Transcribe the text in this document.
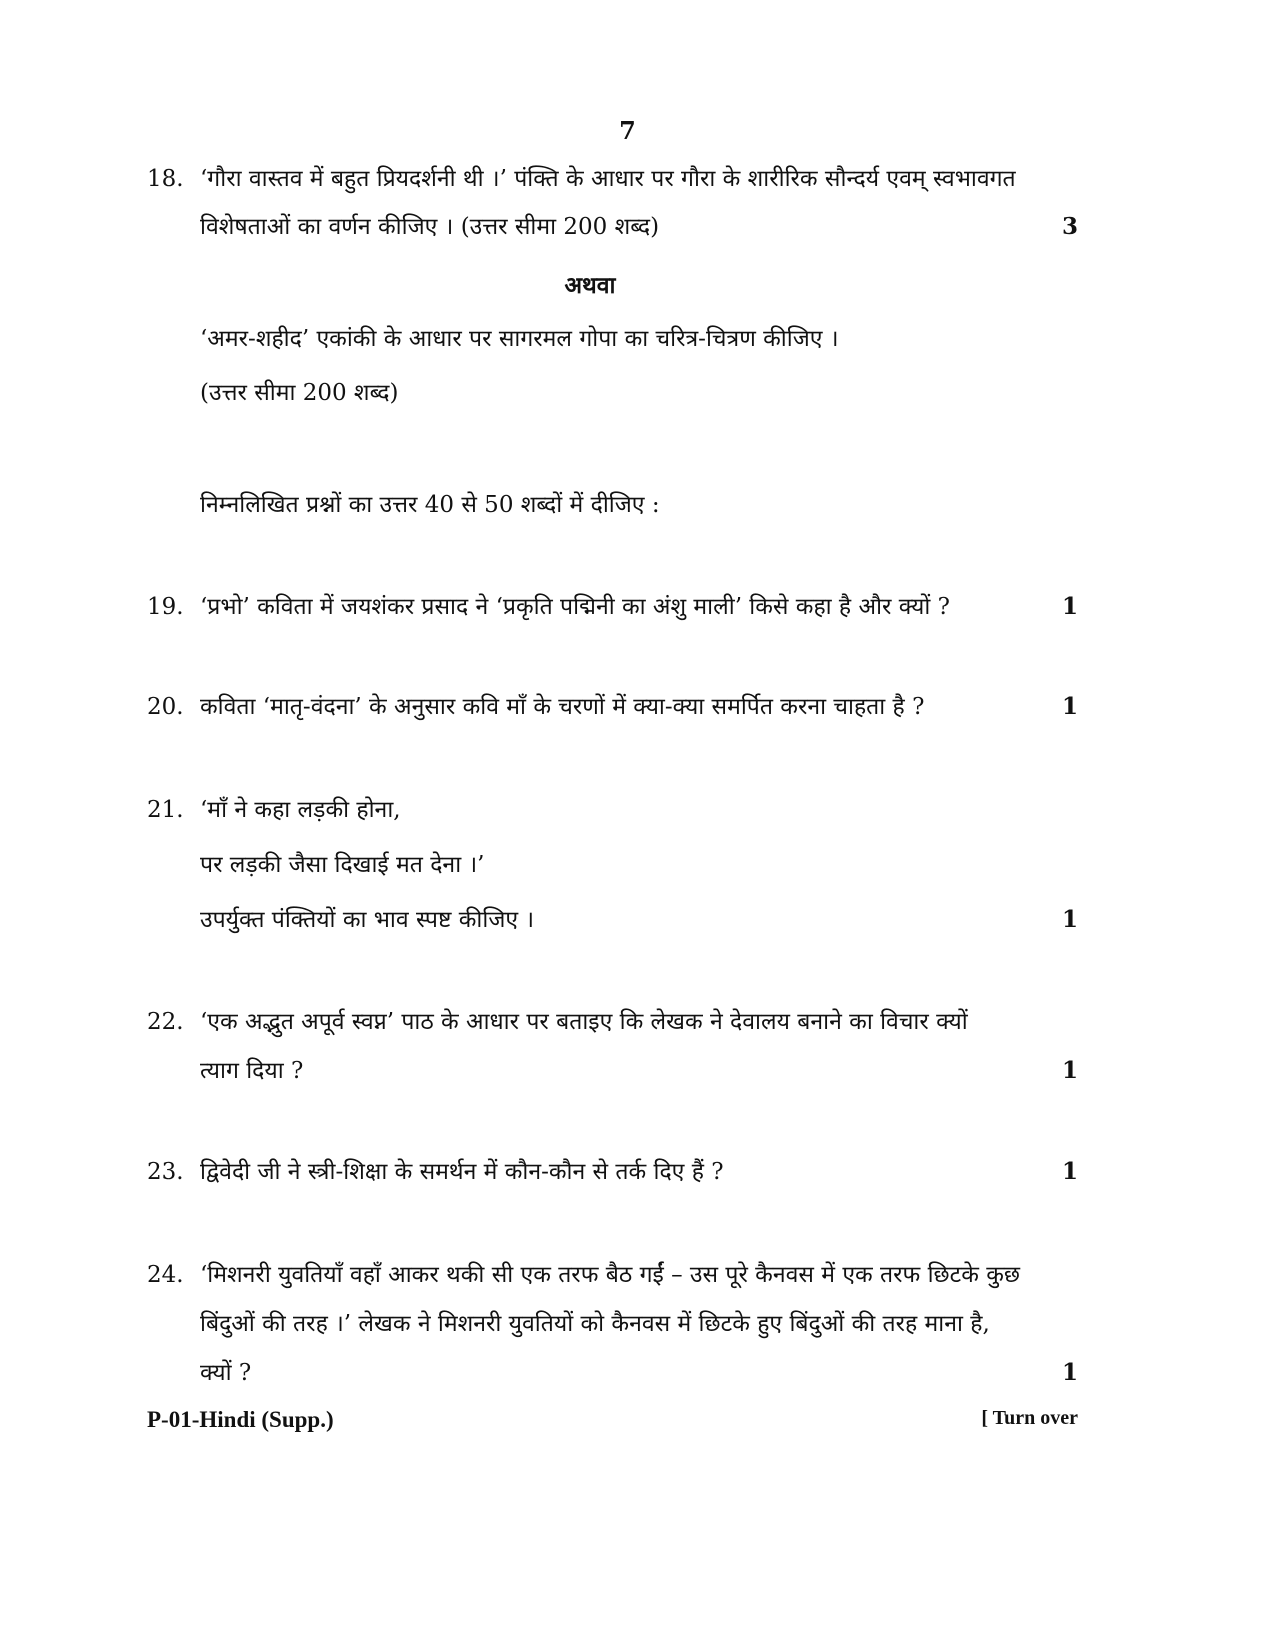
7
18. ‘गौरा वास्तव में बहुत प्रियदर्शनी थी ।’ पंक्ति के आधार पर गौरा के शारीरिक सौन्दर्य एवम् स्वभावगत
विशेषताओं का वर्णन कीजिए । (उत्तर सीमा 200 शब्द)	3
अथवा
‘अमर-शहीद’ एकांकी के आधार पर सागरमल गोपा का चरित्र-चित्रण कीजिए ।
(उत्तर सीमा 200 शब्द)
निम्नलिखित प्रश्नों का उत्तर 40 से 50 शब्दों में दीजिए :
19. ‘प्रभो’ कविता में जयशंकर प्रसाद ने ‘प्रकृति पद्मिनी का अंशु माली’ किसे कहा है और क्यों ?	1
20. कविता ‘मातृ-वंदना’ के अनुसार कवि माँ के चरणों में क्या-क्या समर्पित करना चाहता है ?	1
21. ‘माँ ने कहा लड़की होना,
पर लड़की जैसा दिखाई मत देना ।’
उपर्युक्त पंक्तियों का भाव स्पष्ट कीजिए ।	1
22. ‘एक अद्भुत अपूर्व स्वप्न’ पाठ के आधार पर बताइए कि लेखक ने देवालय बनाने का विचार क्यों
त्याग दिया ?	1
23. द्विवेदी जी ने स्त्री-शिक्षा के समर्थन में कौन-कौन से तर्क दिए हैं ?	1
24. ‘मिशनरी युवतियाँ वहाँ आकर थकी सी एक तरफ बैठ गईं – उस पूरे कैनवस में एक तरफ छिटके कुछ
बिंदुओं की तरह ।’ लेखक ने मिशनरी युवतियों को कैनवस में छिटके हुए बिंदुओं की तरह माना है,
क्यों ?	1
P-01-Hindi (Supp.)	[ Turn over
